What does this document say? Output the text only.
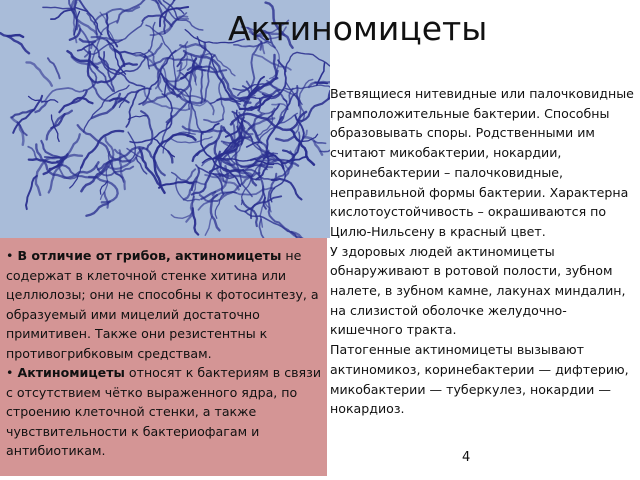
Актиномицеты

Ветвящиеся нитевидные или палочковидные грамположительные бактерии. Способны образовывать споры. Родственными им считают микобактерии, нокардии, коринебактерии – палочковидные, неправильной формы бактерии. Характерна кислотоустойчивость – окрашиваются по Цилю-Нильсену в красный цвет.

У здоровых людей актиномицеты обнаруживают в ротовой полости, зубном налете, в зубном камне, лакунах миндалин, на слизистой оболочке желудочно-кишечного тракта.

Патогенные актиномицеты вызывают актиномикоз, коринебактерии — дифтерию, микобактерии — туберкулез, нокардии — нокардиоз.

• В отличие от грибов, актиномицеты не содержат в клеточной стенке хитина или целлюлозы; они не способны к фотосинтезу, а образуемый ими мицелий достаточно примитивен. Также они резистентны к противогрибковым средствам.

• Актиномицеты относят к бактериям в связи с отсутствием чётко выраженного ядра, по строению клеточной стенки, а также чувствительности к бактериофагам и антибиотикам.	4
